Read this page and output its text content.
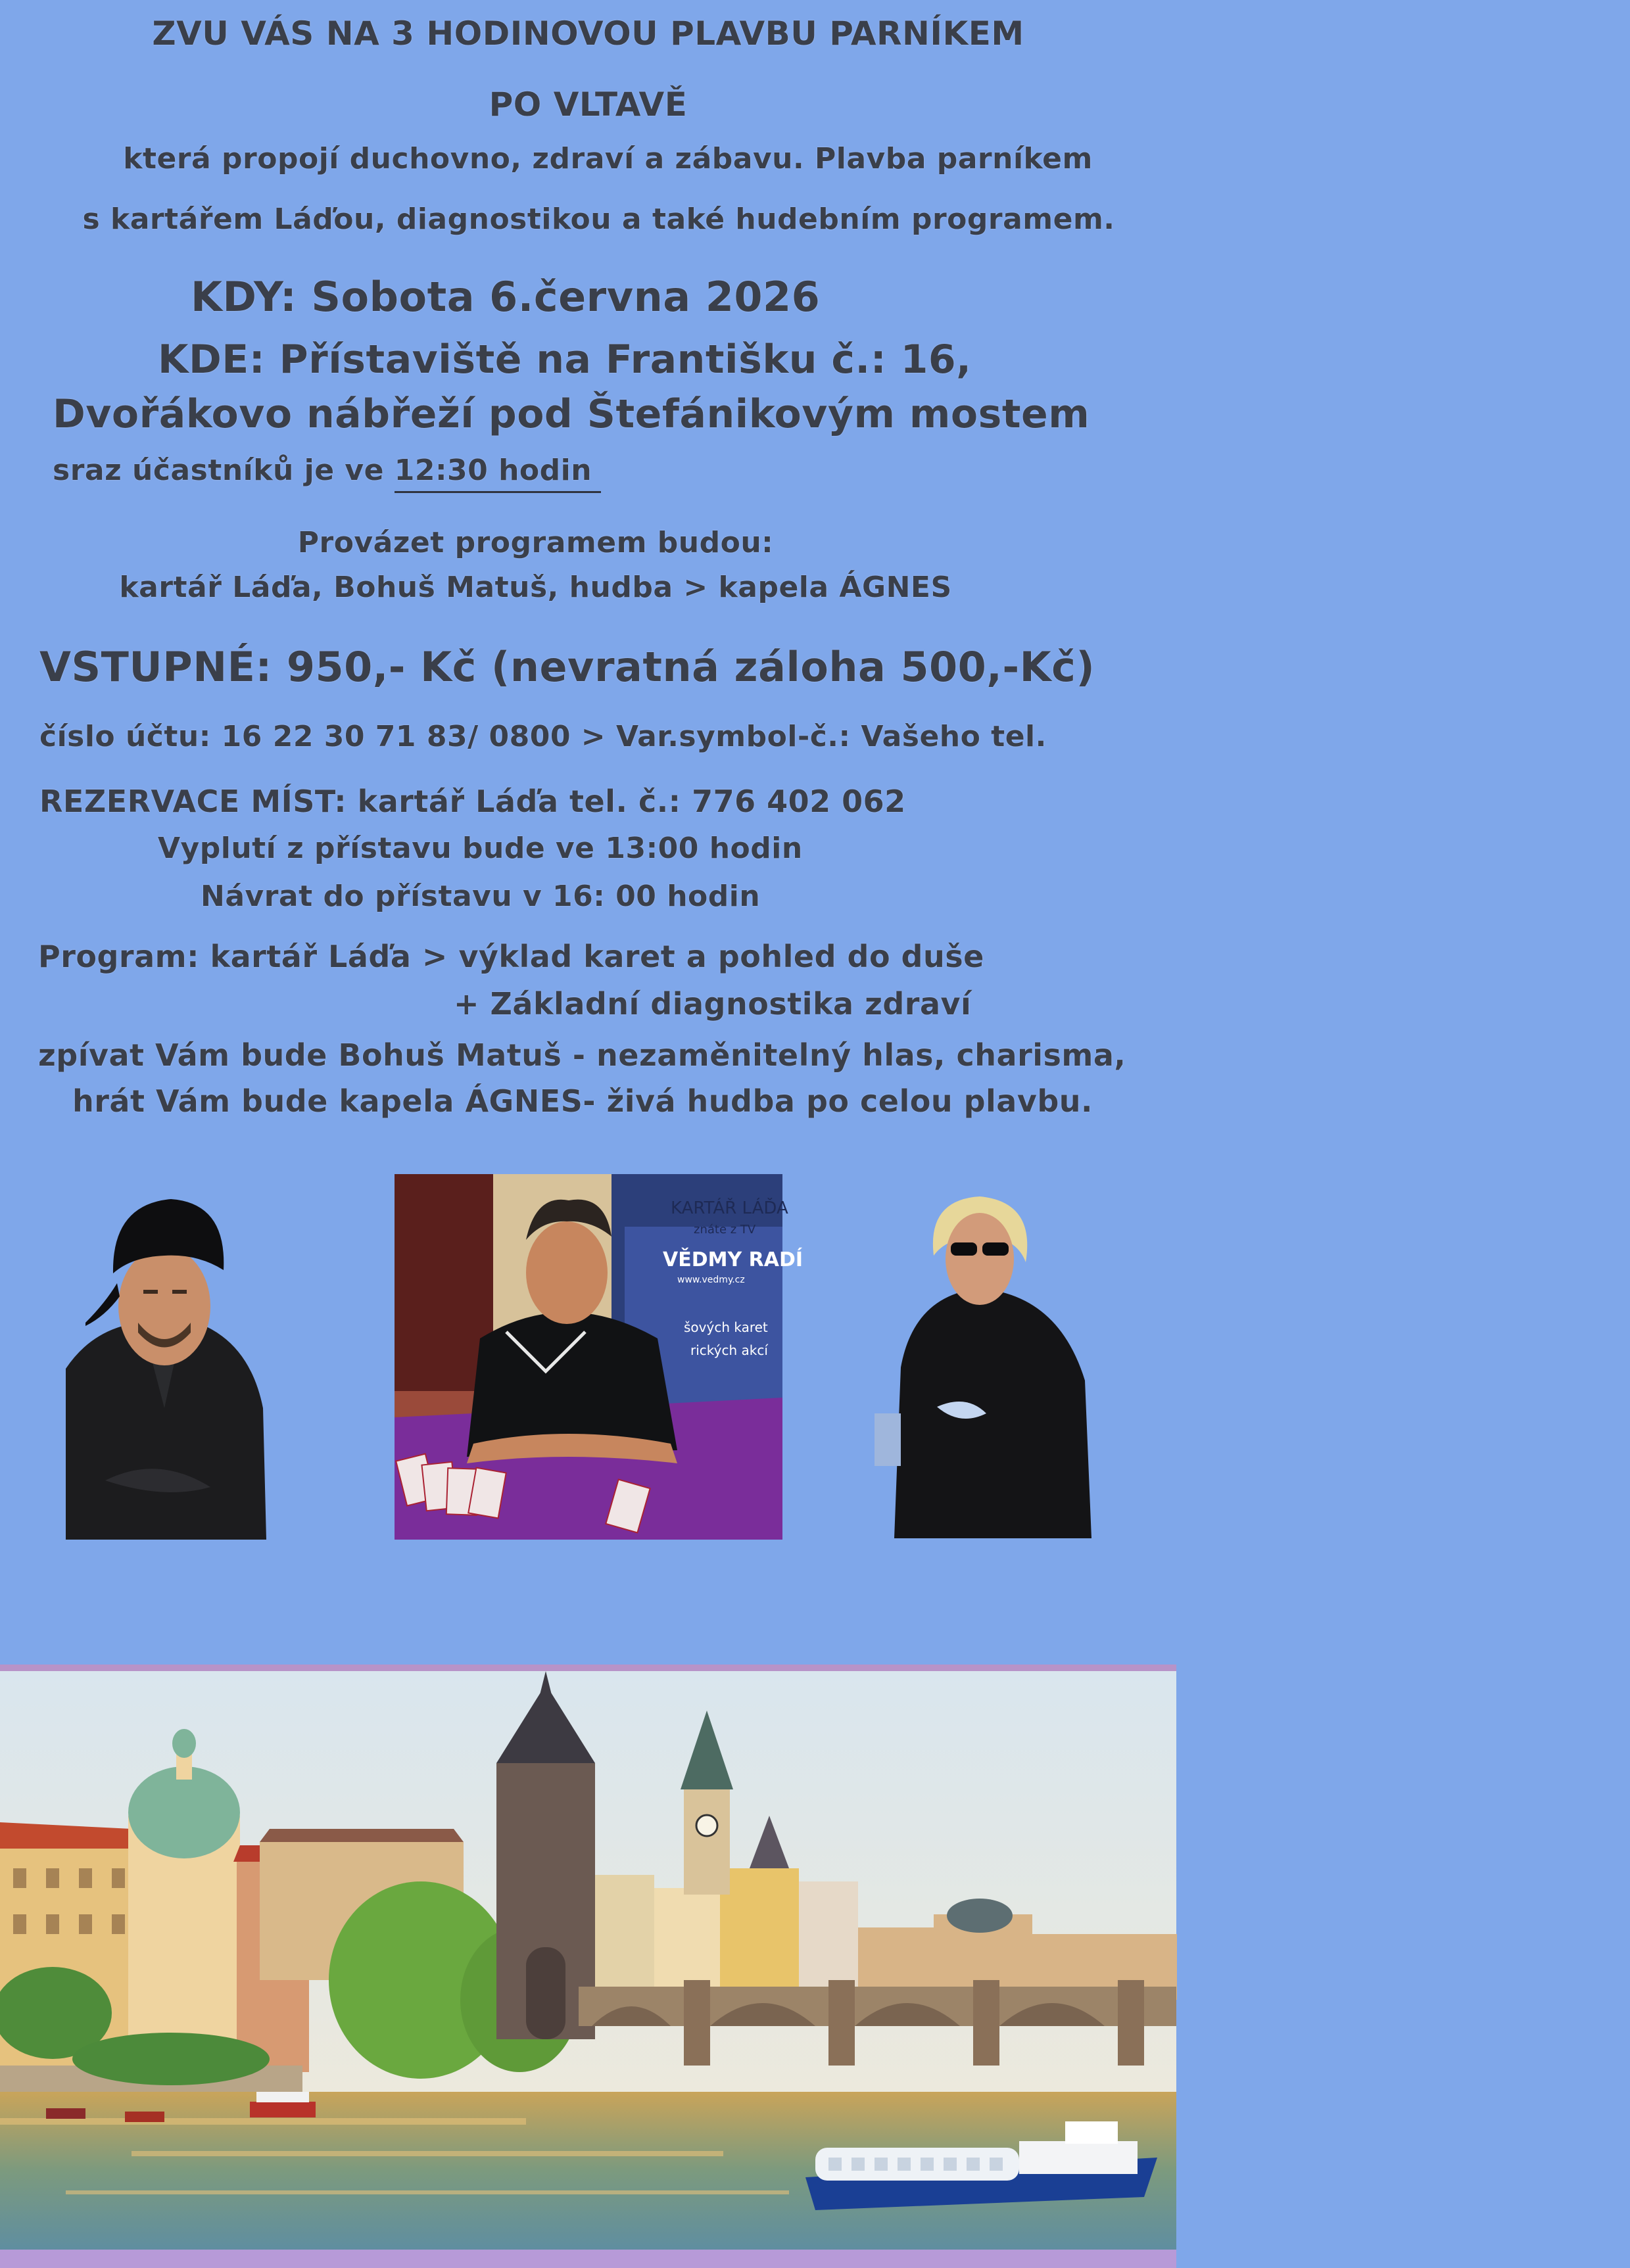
ZVU VÁS NA 3 HODINOVOU PLAVBU PARNÍKEM
PO VLTAVĚ
která propojí duchovno, zdraví a zábavu. Plavba parníkem
s kartářem Láďou, diagnostikou a také hudebním programem.
KDY: Sobota 6.června 2026
KDE: Přístaviště na Františku č.: 16,
Dvořákovo nábřeží pod Štefánikovým mostem
sraz účastníků je ve 12:30 hodin
Provázet programem budou:
kartář Láďa, Bohuš Matuš, hudba > kapela ÁGNES
VSTUPNÉ: 950,- Kč (nevratná záloha 500,-Kč)
číslo účtu: 16 22 30 71 83/ 0800 > Var.symbol-č.: Vašeho tel.
REZERVACE MÍST: kartář Láďa tel. č.: 776 402 062
Vyplutí z přístavu bude ve 13:00 hodin
Návrat do přístavu v 16: 00 hodin
Program: kartář Láďa > výklad karet a pohled do duše
+ Základní diagnostika zdraví
zpívat Vám bude Bohuš Matuš - nezaměnitelný hlas, charisma,
hrát Vám bude kapela ÁGNES- živá hudba po celou plavbu.
KARTÁŘ LÁĎA
znáte z TV
VĚDMY RADÍ
www.vedmy.cz
šových karet
rických akcí
